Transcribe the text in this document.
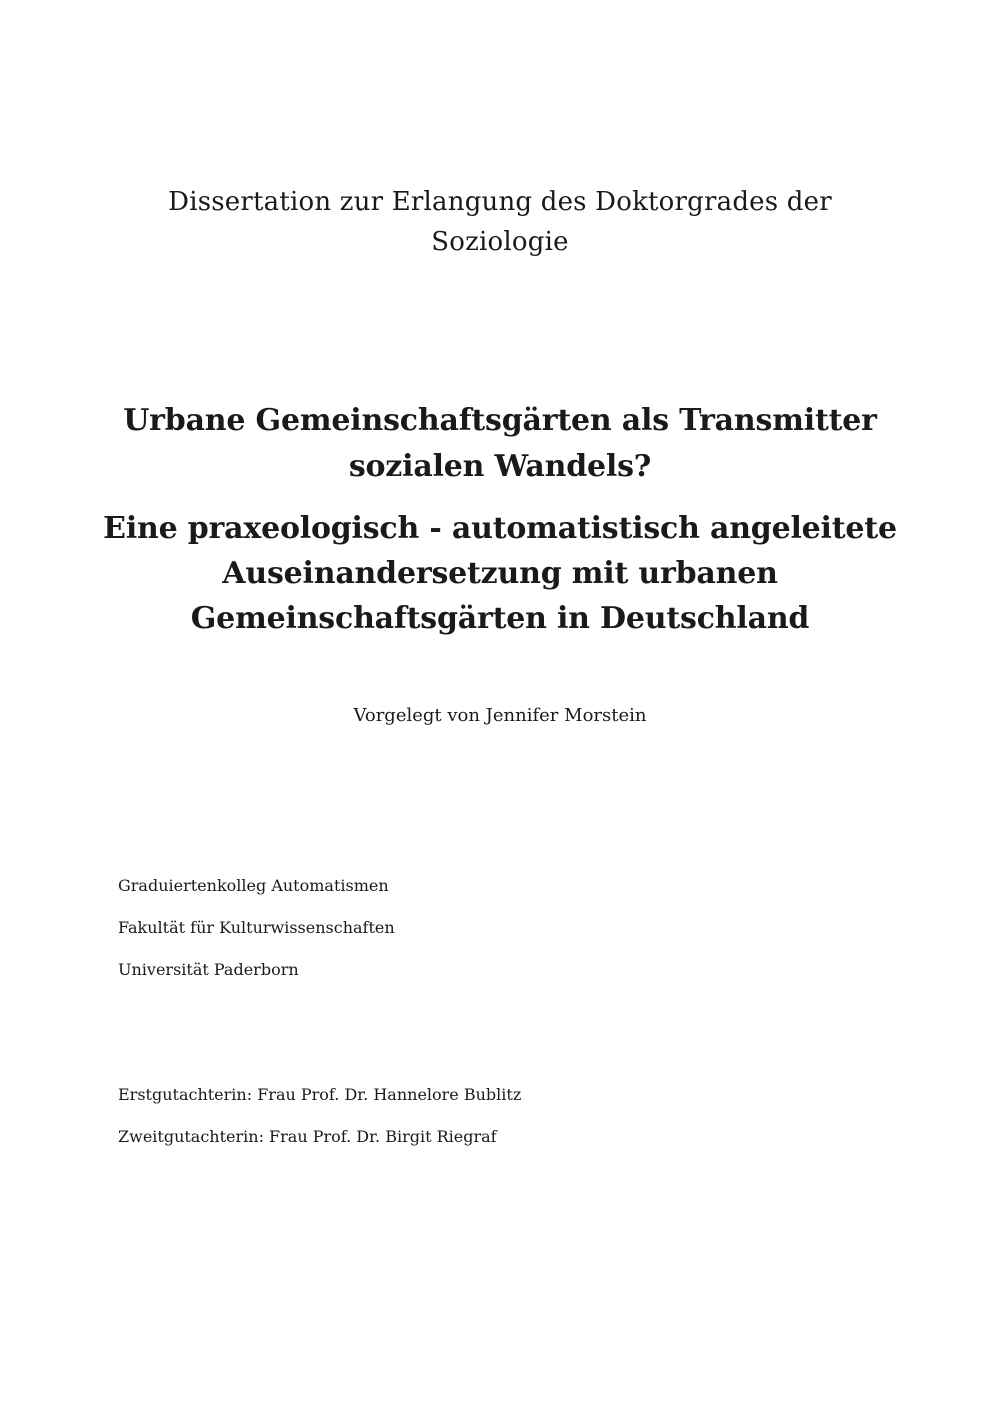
Dissertation zur Erlangung des Doktorgrades der
Soziologie
Urbane Gemeinschaftsgärten als Transmitter
sozialen Wandels?
Eine praxeologisch - automatistisch angeleitete
Auseinandersetzung mit urbanen
Gemeinschaftsgärten in Deutschland
Vorgelegt von Jennifer Morstein
Graduiertenkolleg Automatismen
Fakultät für Kulturwissenschaften
Universität Paderborn
Erstgutachterin: Frau Prof. Dr. Hannelore Bublitz
Zweitgutachterin: Frau Prof. Dr. Birgit Riegraf
